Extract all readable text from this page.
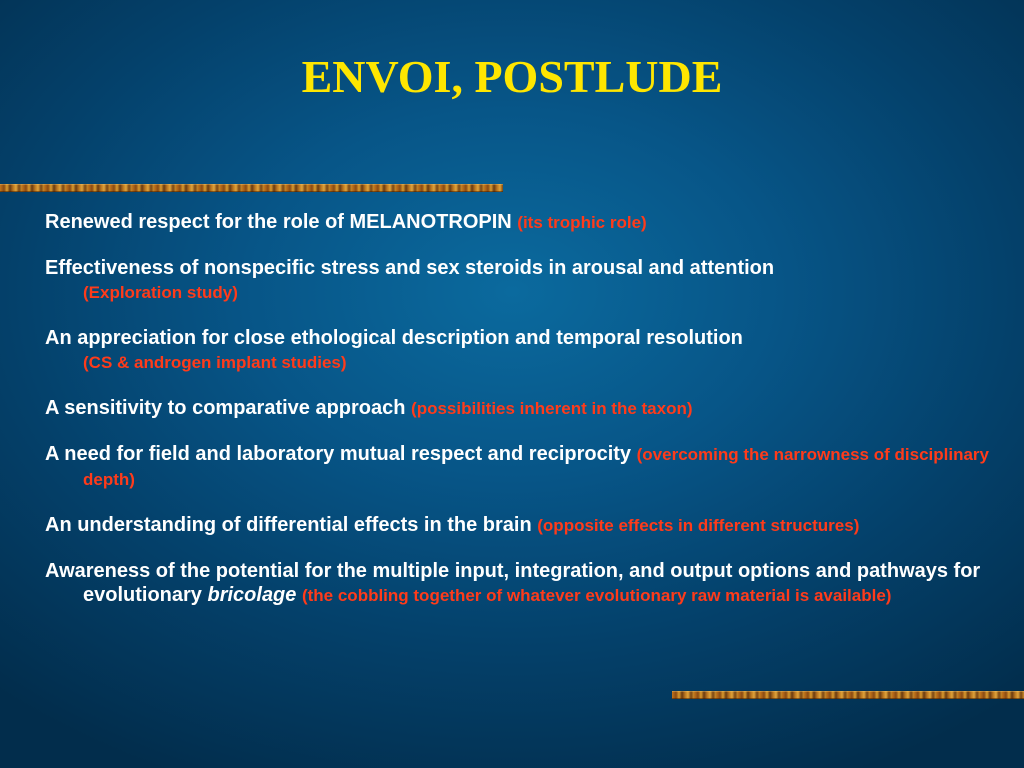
ENVOI, POSTLUDE
Renewed respect for the role of MELANOTROPIN (its trophic role)
Effectiveness of nonspecific stress and sex steroids in arousal and attention
(Exploration study)
An appreciation for close ethological description and temporal resolution
(CS & androgen implant studies)
A sensitivity to comparative approach (possibilities inherent in the taxon)
A need for field and laboratory mutual respect and reciprocity (overcoming the narrowness of disciplinary depth)
An understanding of differential effects in the brain (opposite effects in different structures)
Awareness of the potential for the multiple input, integration, and output options and pathways for evolutionary bricolage (the cobbling together of whatever evolutionary raw material is available)
